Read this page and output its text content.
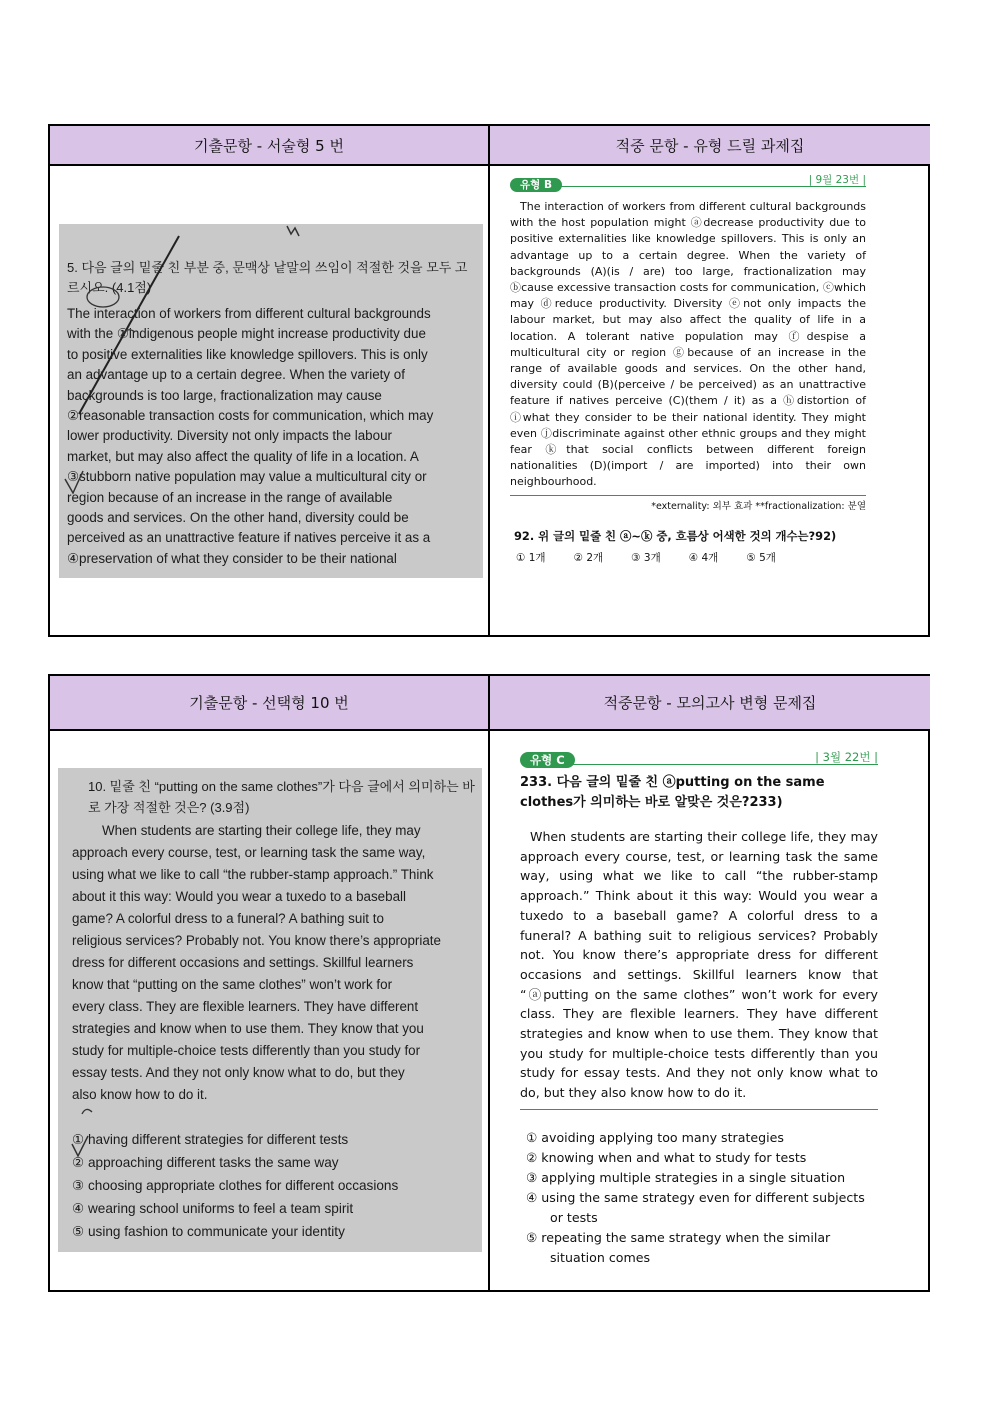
기출문항 - 서술형 5 번	적중 문항 - 유형 드릴 과제집

5. 다음 글의 밑줄 친 부분 중, 문맥상 낱말의 쓰임이 적절한 것을 모두 고르시오. (4.1점)

The interaction of workers from different cultural backgrounds

with the ①indigenous people might increase productivity due

to positive externalities like knowledge spillovers. This is only

an advantage up to a certain degree. When the variety of

backgrounds is too large, fractionalization may cause

②reasonable transaction costs for communication, which may

lower productivity. Diversity not only impacts the labour

market, but may also affect the quality of life in a location. A

③stubborn native population may value a multicultural city or

region because of an increase in the range of available

goods and services. On the other hand, diversity could be

perceived as an unattractive feature if natives perceive it as a

④preservation of what they consider to be their national

유형 B	| 9월 23번 |

The interaction of workers from different cultural backgrounds with the host population might ⓐdecrease productivity due to positive externalities like knowledge spillovers. This is only an advantage up to a certain degree. When the variety of backgrounds (A)(is / are) too large, fractionalization may ⓑcause excessive transaction costs for communication, ⓒwhich may ⓓreduce productivity. Diversity ⓔnot only impacts the labour market, but may also affect the quality of life in a location. A tolerant native population may ⓕdespise a multicultural city or region ⓖbecause of an increase in the range of available goods and services. On the other hand, diversity could (B)(perceive / be perceived) as an unattractive feature if natives perceive (C)(them / it) as a ⓗdistortion of ⓘwhat they consider to be their national identity. They might even ⓙdiscriminate against other ethnic groups and they might fear ⓚthat social conflicts between different foreign nationalities (D)(import / are imported) into their own neighbourhood.

*externality: 외부 효과 **fractionalization: 분열

92. 위 글의 밑줄 친 ⓐ~ⓚ 중, 흐름상 어색한 것의 개수는?92)

① 1개	② 2개	③ 3개	④ 4개	⑤ 5개
기출문항 - 선택형 10 번	적중문항 - 모의고사 변형 문제집

10. 밑줄 친 “putting on the same clothes”가 다음 글에서 의미하는 바로 가장 적절한 것은? (3.9점)

When students are starting their college life, they may

approach every course, test, or learning task the same way,

using what we like to call “the rubber-stamp approach.” Think

about it this way: Would you wear a tuxedo to a baseball

game? A colorful dress to a funeral? A bathing suit to

religious services? Probably not. You know there’s appropriate

dress for different occasions and settings. Skillful learners

know that “putting on the same clothes” won’t work for

every class. They are flexible learners. They have different

strategies and know when to use them. They know that you

study for multiple-choice tests differently than you study for

essay tests. And they not only know what to do, but they

also know how to do it.

① having different strategies for different tests
② approaching different tasks the same way
③ choosing appropriate clothes for different occasions
④ wearing school uniforms to feel a team spirit
⑤ using fashion to communicate your identity
유형 C	| 3월 22번 |

233. 다음 글의 밑줄 친 ⓐputting on the same clothes가 의미하는 바로 알맞은 것은?233)

When students are starting their college life, they may approach every course, test, or learning task the same way, using what we like to call “the rubber-stamp approach.” Think about it this way: Would you wear a tuxedo to a baseball game? A colorful dress to a funeral? A bathing suit to religious services? Probably not. You know there’s appropriate dress for different occasions and settings. Skillful learners know that “ⓐputting on the same clothes” won’t work for every class. They are flexible learners. They have different strategies and know when to use them. They know that you study for multiple-choice tests differently than you study for essay tests. And they not only know what to do, but they also know how to do it.

① avoiding applying too many strategies
② knowing when and what to study for tests
③ applying multiple strategies in a single situation
④ using the same strategy even for different subjects or tests
⑤ repeating the same strategy when the similar situation comes
